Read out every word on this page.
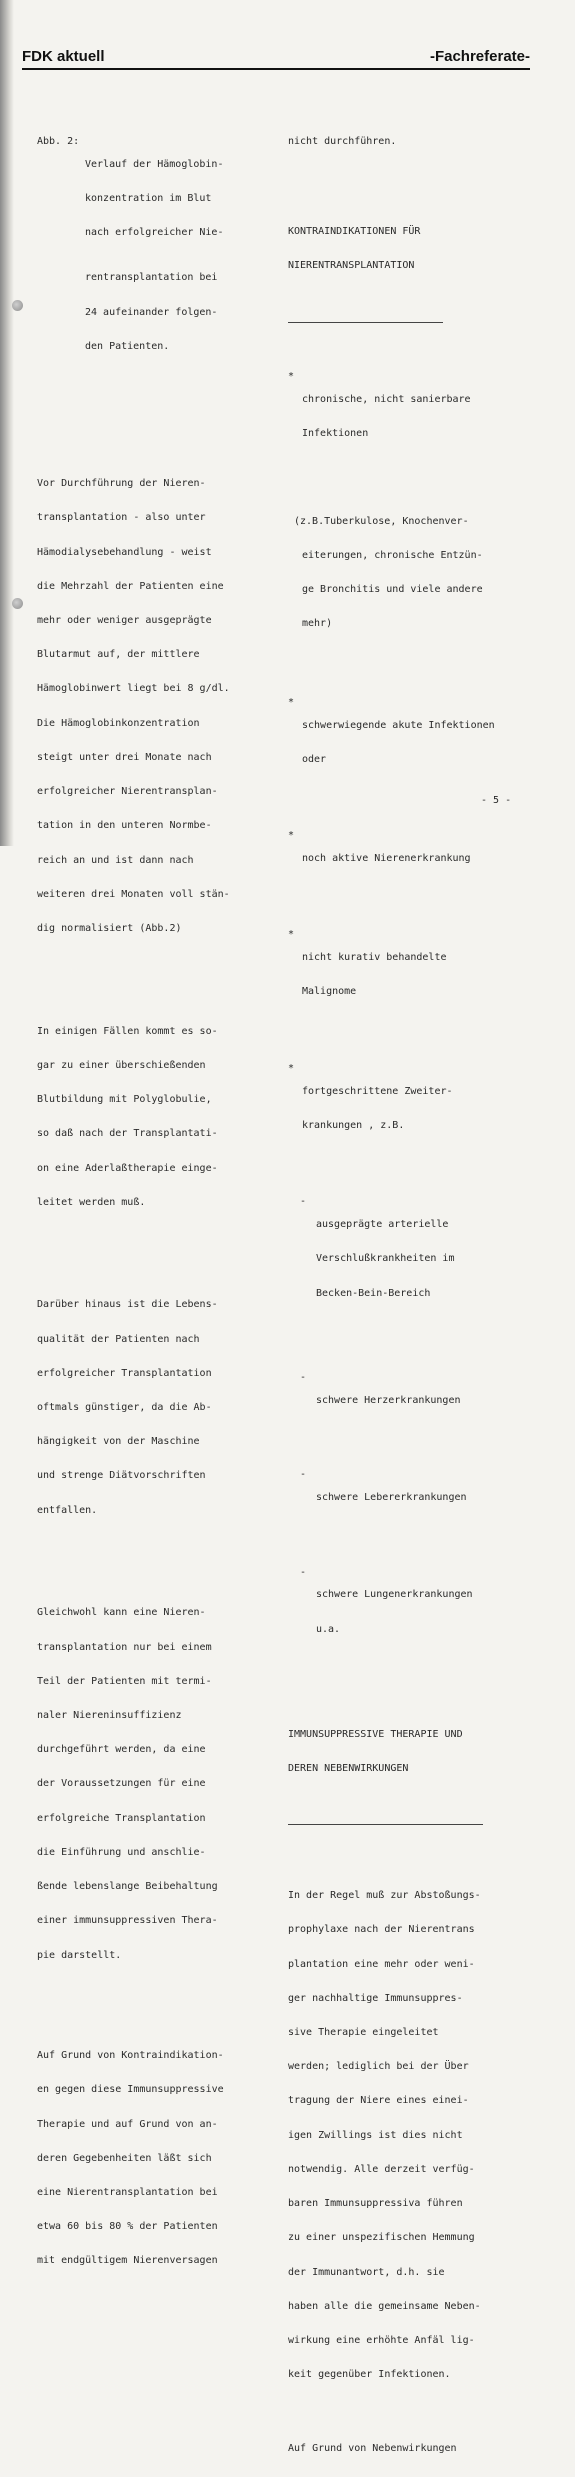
FDK aktuell	-Fachreferate-

Abb. 2:

Verlauf der Hämoglobin-

konzentration im Blut

nach erfolgreicher Nie-

rentransplantation bei

24 aufeinander folgen-

den Patienten.

Vor Durchführung der Nieren-

transplantation - also unter

Hämodialysebehandlung - weist

die Mehrzahl der Patienten eine

mehr oder weniger ausgeprägte

Blutarmut auf, der mittlere

Hämoglobinwert liegt bei 8 g/dl.

Die Hämoglobinkonzentration

steigt unter drei Monate nach

erfolgreicher Nierentransplan-

tation in den unteren Normbe-

reich an und ist dann nach

weiteren drei Monaten voll stän-

dig normalisiert (Abb.2)

In einigen Fällen kommt es so-

gar zu einer überschießenden

Blutbildung mit Polyglobulie,

so daß nach der Transplantati-

on eine Aderlaßtherapie einge-

leitet werden muß.

Darüber hinaus ist die Lebens-

qualität der Patienten nach

erfolgreicher Transplantation

oftmals günstiger, da die Ab-

hängigkeit von der Maschine

und strenge Diätvorschriften

entfallen.

Gleichwohl kann eine Nieren-

transplantation nur bei einem

Teil der Patienten mit termi-

naler Niereninsuffizienz

durchgeführt werden, da eine

der Voraussetzungen für eine

erfolgreiche Transplantation

die Einführung und anschlie-

ßende lebenslange Beibehaltung

einer immunsuppressiven Thera-

pie darstellt.

Auf Grund von Kontraindikation-

en gegen diese Immunsuppressive

Therapie und auf Grund von an-

deren Gegebenheiten läßt sich

eine Nierentransplantation bei

etwa 60 bis 80 % der Patienten

mit endgültigem Nierenversagen

nicht durchführen.

KONTRAINDIKATIONEN FÜR

NIERENTRANSPLANTATION

*

chronische, nicht sanierbare

Infektionen

(z.B.Tuberkulose, Knochenver-

eiterungen, chronische Entzün-

ge Bronchitis und viele andere

mehr)

*

schwerwiegende akute Infektionen

oder

*

noch aktive Nierenerkrankung

*

nicht kurativ behandelte

Malignome

*

fortgeschrittene Zweiter-

krankungen , z.B.

-

ausgeprägte arterielle

Verschlußkrankheiten im

Becken-Bein-Bereich

-

schwere Herzerkrankungen

-

schwere Lebererkrankungen

-

schwere Lungenerkrankungen

u.a.

IMMUNSUPPRESSIVE THERAPIE UND

DEREN NEBENWIRKUNGEN

In der Regel muß zur Abstoßungs-

prophylaxe nach der Nierentrans

plantation eine mehr oder weni-

ger nachhaltige Immunsuppres-

sive Therapie eingeleitet

werden; lediglich bei der Über

tragung der Niere eines einei-

igen Zwillings ist dies nicht

notwendig. Alle derzeit verfüg-

baren Immunsuppressiva führen

zu einer unspezifischen Hemmung

der Immunantwort, d.h. sie

haben alle die gemeinsame Neben-

wirkung eine erhöhte Anfäl lig-

keit gegenüber Infektionen.

Auf Grund von Nebenwirkungen

- 5 -
